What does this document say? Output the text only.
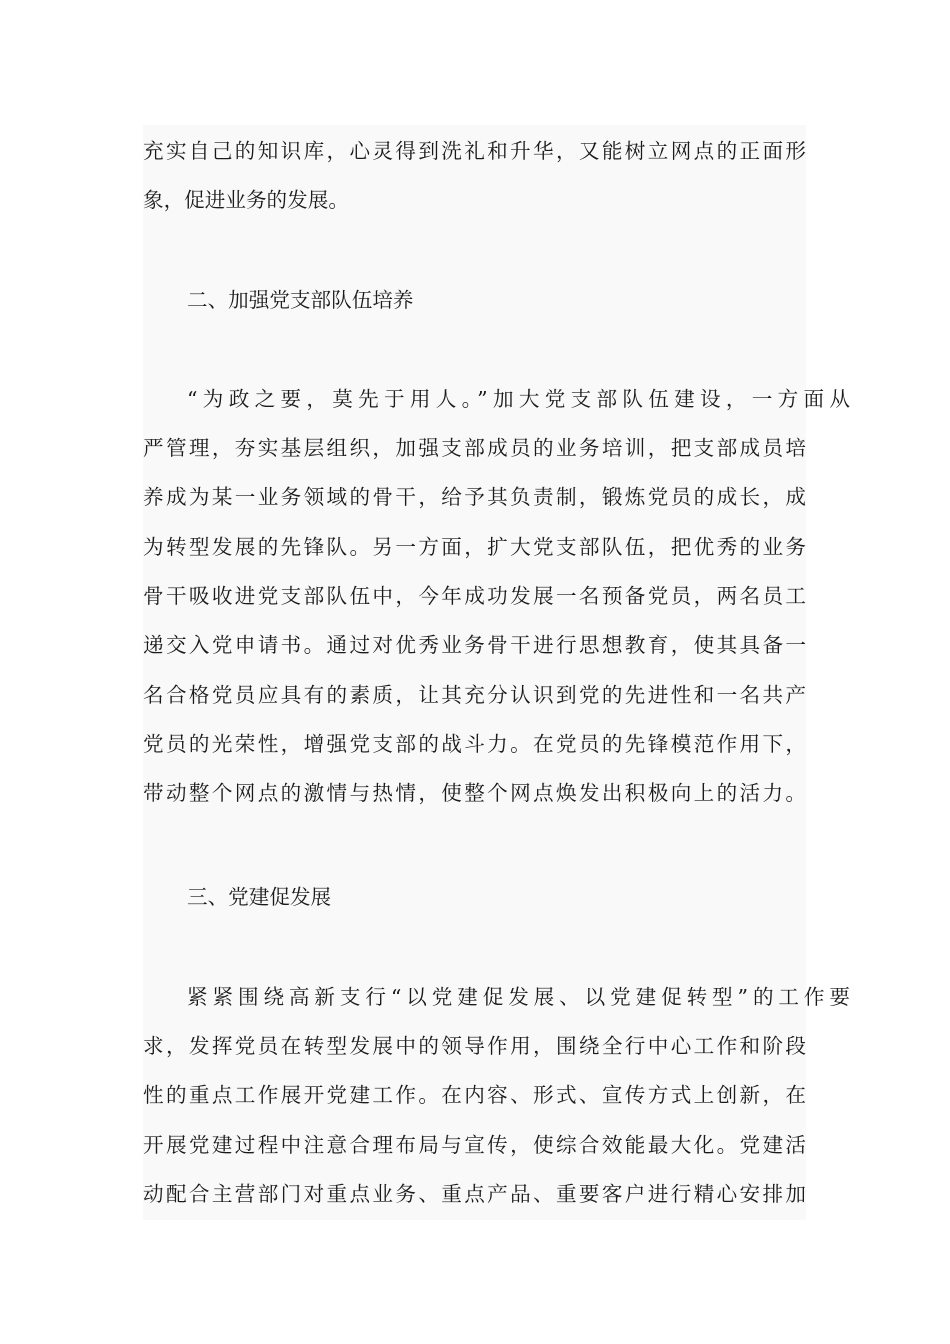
充实自己的知识库，心灵得到洗礼和升华，又能树立网点的正面形
象，促进业务的发展。
二、加强党支部队伍培养
“为政之要，莫先于用人。”加大党支部队伍建设，一方面从
严管理，夯实基层组织，加强支部成员的业务培训，把支部成员培
养成为某一业务领域的骨干，给予其负责制，锻炼党员的成长，成
为转型发展的先锋队。另一方面，扩大党支部队伍，把优秀的业务
骨干吸收进党支部队伍中，今年成功发展一名预备党员，两名员工
递交入党申请书。通过对优秀业务骨干进行思想教育，使其具备一
名合格党员应具有的素质，让其充分认识到党的先进性和一名共产
党员的光荣性，增强党支部的战斗力。在党员的先锋模范作用下，
带动整个网点的激情与热情，使整个网点焕发出积极向上的活力。
三、党建促发展
紧紧围绕高新支行“以党建促发展、以党建促转型”的工作要
求，发挥党员在转型发展中的领导作用，围绕全行中心工作和阶段
性的重点工作展开党建工作。在内容、形式、宣传方式上创新，在
开展党建过程中注意合理布局与宣传，使综合效能最大化。党建活
动配合主营部门对重点业务、重点产品、重要客户进行精心安排加
